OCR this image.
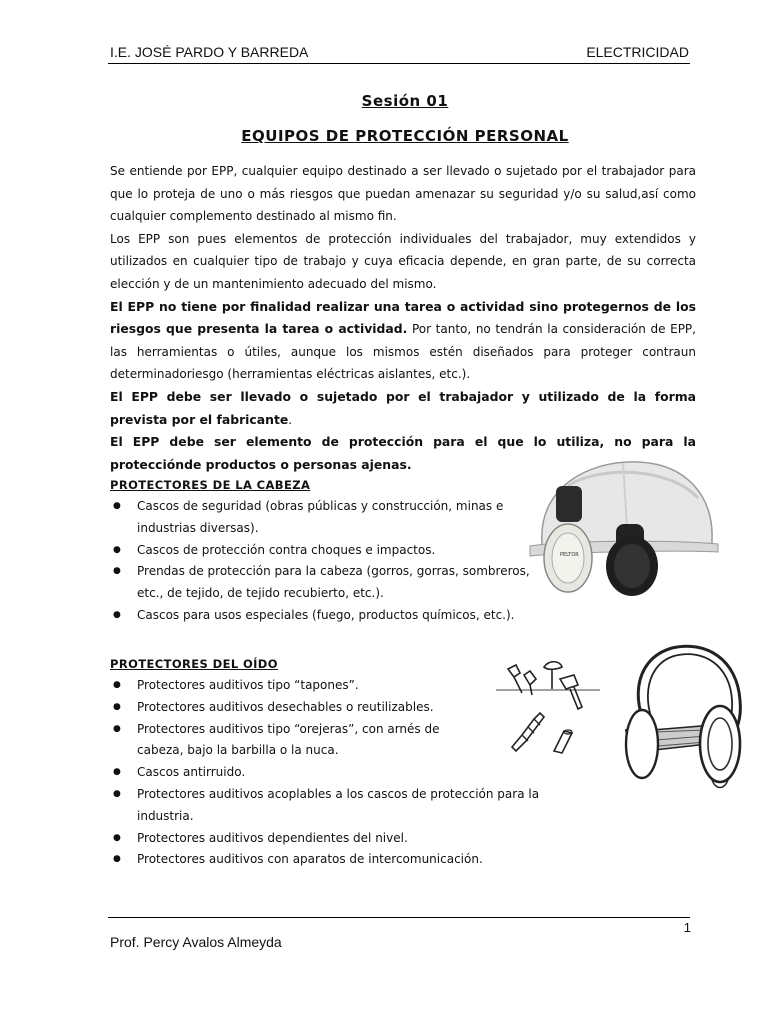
I.E. JOSÉ PARDO Y BARREDA	ELECTRICIDAD
Sesión 01
EQUIPOS DE PROTECCIÓN PERSONAL

Se entiende por EPP, cualquier equipo destinado a ser llevado o sujetado por el trabajador para que lo proteja de uno o más riesgos que puedan amenazar su seguridad y/o su salud,así como cualquier complemento destinado al mismo fin.

Los EPP son pues elementos de protección individuales del trabajador, muy extendidos y utilizados en cualquier tipo de trabajo y cuya eficacia depende, en gran parte, de su correcta elección y de un mantenimiento adecuado del mismo.

El EPP no tiene por finalidad realizar una tarea o actividad sino protegernos de los riesgos que presenta la tarea o actividad. Por tanto, no tendrán la consideración de EPP, las herramientas o útiles, aunque los mismos estén diseñados para proteger contraun determinadoriesgo (herramientas eléctricas aislantes, etc.).

El EPP debe ser llevado o sujetado por el trabajador y utilizado de la forma prevista por el fabricante.

El EPP debe ser elemento de protección para el que lo utiliza, no para la protecciónde productos o personas ajenas.

PROTECTORES DE LA CABEZA
● Cascos de seguridad (obras públicas y construcción, minas e industrias diversas).
● Cascos de protección contra choques e impactos.
● Prendas de protección para la cabeza (gorros, gorras, sombreros, etc., de tejido, de tejido recubierto, etc.).
● Cascos para usos especiales (fuego, productos químicos, etc.).
PELTOR
PROTECTORES DEL OÍDO
● Protectores auditivos tipo “tapones”.
● Protectores auditivos desechables o reutilizables.
● Protectores auditivos tipo “orejeras”, con arnés de cabeza, bajo la barbilla o la nuca.
● Cascos antirruido.
● Protectores auditivos acoplables a los cascos de protección para la industria.
● Protectores auditivos dependientes del nivel.
● Protectores auditivos con aparatos de intercomunicación.
1
Prof. Percy Avalos Almeyda
